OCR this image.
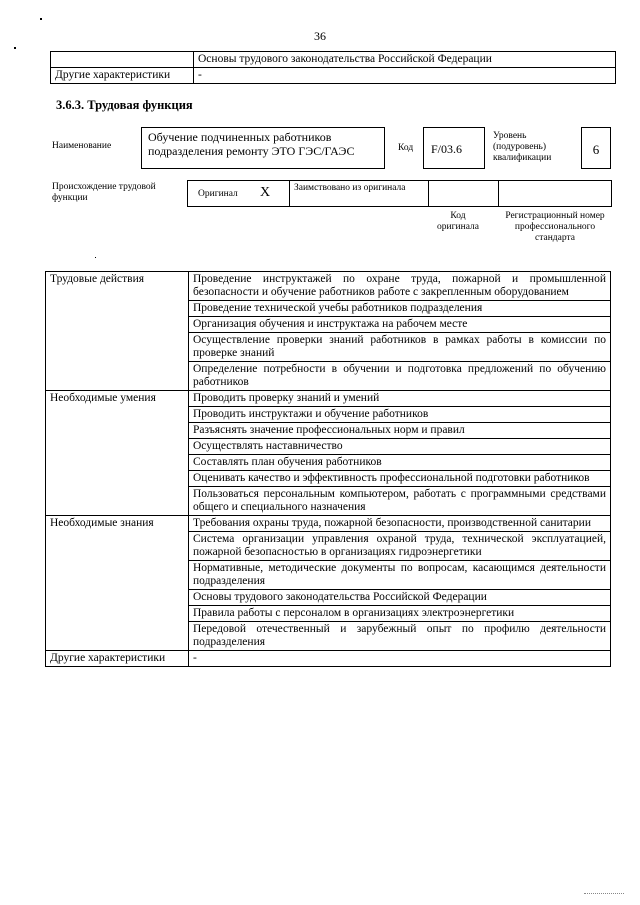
36
	Основы трудового законодательства Российской Федерации
Другие характеристики	-
3.6.3. Трудовая функция
Наименование
Обучение подчиненных работников подразделения ремонту ЭТО ГЭС/ГАЭС	Код	F/03.6
Уровень (подуровень) квалификации
6
Происхождение трудовой функции	Оригинал X	Заимствовано из оригинала
Код оригинала
Регистрационный номер профессионального стандарта
Трудовые действия	Проведение инструктажей по охране труда, пожарной и промышленной безопасности и обучение работников работе с закрепленным оборудованием
	Проведение технической учебы работников подразделения
	Организация обучения и инструктажа на рабочем месте
	Осуществление проверки знаний работников в рамках работы в комиссии по проверке знаний
	Определение потребности в обучении и подготовка предложений по обучению работников
Необходимые умения	Проводить проверку знаний и умений
	Проводить инструктажи и обучение работников
	Разъяснять значение профессиональных норм и правил
	Осуществлять наставничество
	Составлять план обучения работников
	Оценивать качество и эффективность профессиональной подготовки работников
	Пользоваться персональным компьютером, работать с программными средствами общего и специального назначения
Необходимые знания	Требования охраны труда, пожарной безопасности, производственной санитарии
	Система организации управления охраной труда, технической эксплуатацией, пожарной безопасностью в организациях гидроэнергетики
	Нормативные, методические документы по вопросам, касающимся деятельности подразделения
	Основы трудового законодательства Российской Федерации
	Правила работы с персоналом в организациях электроэнергетики
	Передовой отечественный и зарубежный опыт по профилю деятельности подразделения
Другие характеристики	-
